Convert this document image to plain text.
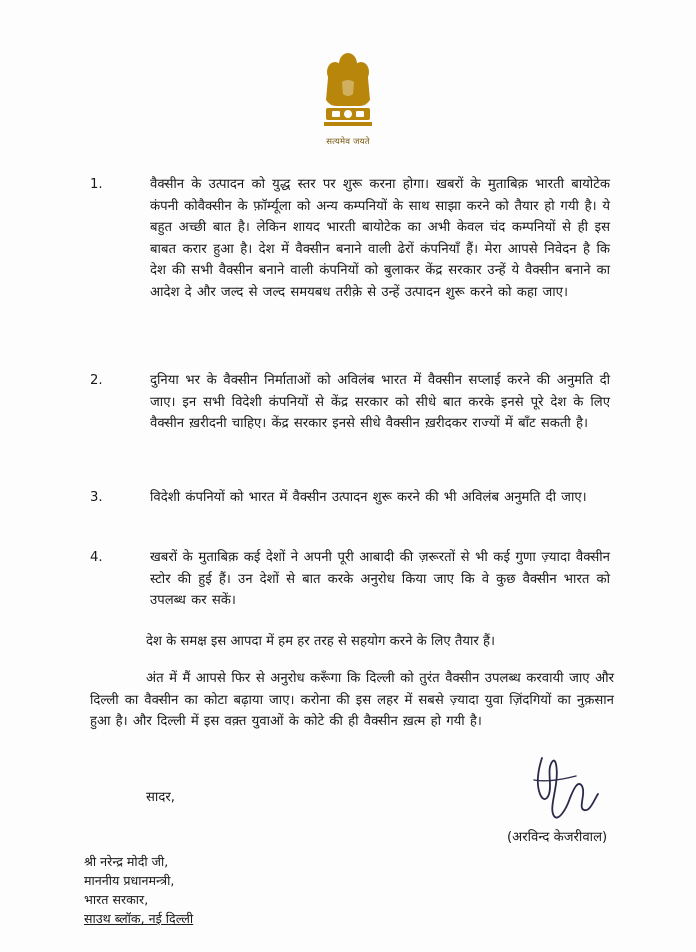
सत्यमेव जयते
1.	वैक्सीन के उत्पादन को युद्ध स्तर पर शुरू करना होगा। खबरों के मुताबिक़ भारती बायोटेक कंपनी कोवैक्सीन के फ़ॉर्म्यूला को अन्य कम्पनियों के साथ साझा करने को तैयार हो गयी है। ये बहुत अच्छी बात है। लेकिन शायद भारती बायोटेक का अभी केवल चंद कम्पनियों से ही इस बाबत करार हुआ है। देश में वैक्सीन बनाने वाली ढेरों कंपनियाँ हैं। मेरा आपसे निवेदन है कि देश की सभी वैक्सीन बनाने वाली कंपनियों को बुलाकर केंद्र सरकार उन्हें ये वैक्सीन बनाने का आदेश दे और जल्द से जल्द समयबध तरीक़े से उन्हें उत्पादन शुरू करने को कहा जाए।
2.	दुनिया भर के वैक्सीन निर्माताओं को अविलंब भारत में वैक्सीन सप्लाई करने की अनुमति दी जाए। इन सभी विदेशी कंपनियों से केंद्र सरकार को सीधे बात करके इनसे पूरे देश के लिए वैक्सीन ख़रीदनी चाहिए। केंद्र सरकार इनसे सीधे वैक्सीन ख़रीदकर राज्यों में बाँट सकती है।
3.	विदेशी कंपनियों को भारत में वैक्सीन उत्पादन शुरू करने की भी अविलंब अनुमति दी जाए।
4.	खबरों के मुताबिक़ कई देशों ने अपनी पूरी आबादी की ज़रूरतों से भी कई गुणा ज़्यादा वैक्सीन स्टोर की हुई हैं। उन देशों से बात करके अनुरोध किया जाए कि वे कुछ वैक्सीन भारत को उपलब्ध कर सकें।
देश के समक्ष इस आपदा में हम हर तरह से सहयोग करने के लिए तैयार हैं।
अंत में मैं आपसे फिर से अनुरोध करूँगा कि दिल्ली को तुरंत वैक्सीन उपलब्ध करवायी जाए और दिल्ली का वैक्सीन का कोटा बढ़ाया जाए। करोना की इस लहर में सबसे ज़्यादा युवा ज़िंदगियों का नुक़सान हुआ है। और दिल्ली में इस वक़्त युवाओं के कोटे की ही वैक्सीन ख़त्म हो गयी है।
सादर,
(अरविन्द केजरीवाल)
श्री नरेन्द्र मोदी जी,
माननीय प्रधानमन्त्री,
भारत सरकार,
साउथ ब्लॉक, नई दिल्ली
